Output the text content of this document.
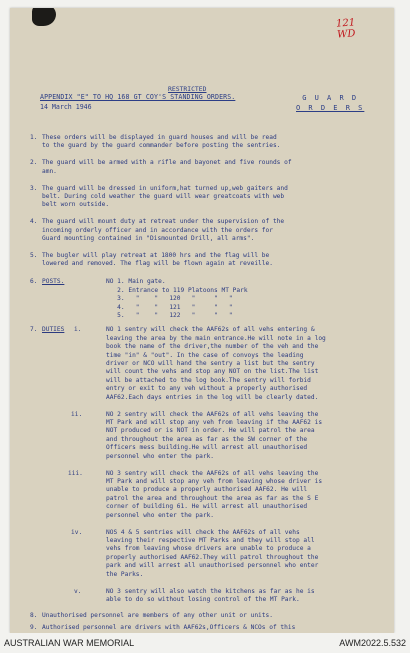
121
WD
RESTRICTED
APPENDIX "E" TO HQ 168 GT COY'S STANDING ORDERS.
14 March 1946
G U A R D
O R D E R S
1. These orders will be displayed in guard houses and will be read
to the guard by the guard commander before posting the sentries.
2. The guard will be armed with a rifle and bayonet and five rounds of
amn.
3. The guard will be dressed in uniform,hat turned up,web gaiters and
belt. During cold weather the guard will wear greatcoats with web
belt worn outside.
4. The guard will mount duty at retreat under the supervision of the
incoming orderly officer and in accordance with the orders for
Guard mounting contained in "Dismounted Drill, all arms".
5. The bugler will play retreat at 1800 hrs and the flag will be
lowered and removed. The flag will be flown again at reveille.
6. POSTS.	NO 1. Main gate.
2. Entrance to 119 Platoons MT Park
3.   "    "   120   "     "   "
4.   "    "   121   "     "   "
5.   "    "   122   "     "   "
7. DUTIES i.	NO 1 sentry will check the AAF62s of all vehs entering &
leaving the area by the main entrance.He will note in a log
book the name of the driver,the number of the veh and the
time "in" & "out". In the case of convoys the leading
driver or NCO will hand the sentry a list but the sentry
will count the vehs and stop any NOT on the list.The list
will be attached to the log book.The sentry will forbid
entry or exit to any veh without a properly authorised
AAF62.Each days entries in the log will be clearly dated.
ii.	NO 2 sentry will check the AAF62s of all vehs leaving the
MT Park and will stop any veh from leaving if the AAF62 is
NOT produced or is NOT in order. He will patrol the area
and throughout the area as far as the SW corner of the
Officers mess building.He will arrest all unauthorised
personnel who enter the park.
iii.	NO 3 sentry will check the AAF62s of all vehs leaving the
MT Park and will stop any veh from leaving whose driver is
unable to produce a properly authorised AAF62. He will
patrol the area and throughout the area as far as the S E
corner of building 61. He will arrest all unauthorised
personnel who enter the park.
iv.	NOS 4 & 5 sentries will check the AAF62s of all vehs
leaving their respective MT Parks and they will stop all
vehs from leaving whose drivers are unable to produce a
properly authorised AAF62.They will patrol throughout the
park and will arrest all unauthorised personnel who enter
the Parks.
v.	NO 3 sentry will also watch the kitchens as far as he is
able to do so without losing control of the MT Park.
8. Unauthorised personnel are members of any other unit or units.
9. Authorised personnel are drivers with AAF62s,Officers & NCOs of this
AUSTRALIAN WAR MEMORIAL	AWM2022.5.532
